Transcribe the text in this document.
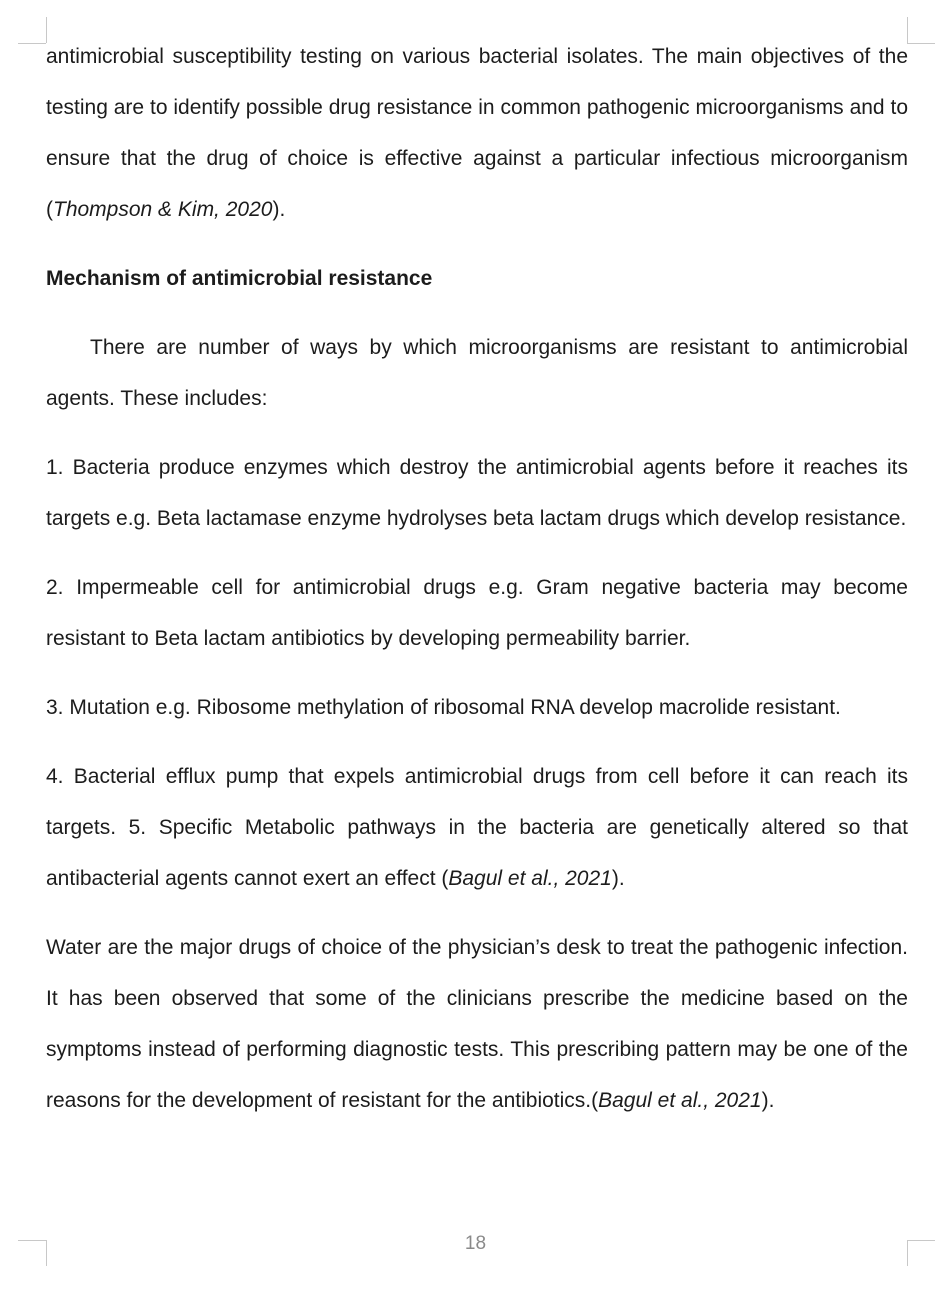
antimicrobial susceptibility testing on various bacterial isolates. The main objectives of the testing are to identify possible drug resistance in common pathogenic microorganisms and to ensure that the drug of choice is effective against a particular infectious microorganism (Thompson & Kim, 2020).

Mechanism of antimicrobial resistance

There are number of ways by which microorganisms are resistant to antimicrobial agents. These includes:

1. Bacteria produce enzymes which destroy the antimicrobial agents before it reaches its targets e.g. Beta lactamase enzyme hydrolyses beta lactam drugs which develop resistance.

2. Impermeable cell for antimicrobial drugs e.g. Gram negative bacteria may become resistant to Beta lactam antibiotics by developing permeability barrier.

3. Mutation e.g. Ribosome methylation of ribosomal RNA develop macrolide resistant.

4. Bacterial efflux pump that expels antimicrobial drugs from cell before it can reach its targets. 5. Specific Metabolic pathways in the bacteria are genetically altered so that antibacterial agents cannot exert an effect (Bagul et al., 2021).

Water are the major drugs of choice of the physician’s desk to treat the pathogenic infection. It has been observed that some of the clinicians prescribe the medicine based on the symptoms instead of performing diagnostic tests. This prescribing pattern may be one of the reasons for the development of resistant for the antibiotics.(Bagul et al., 2021).

18
